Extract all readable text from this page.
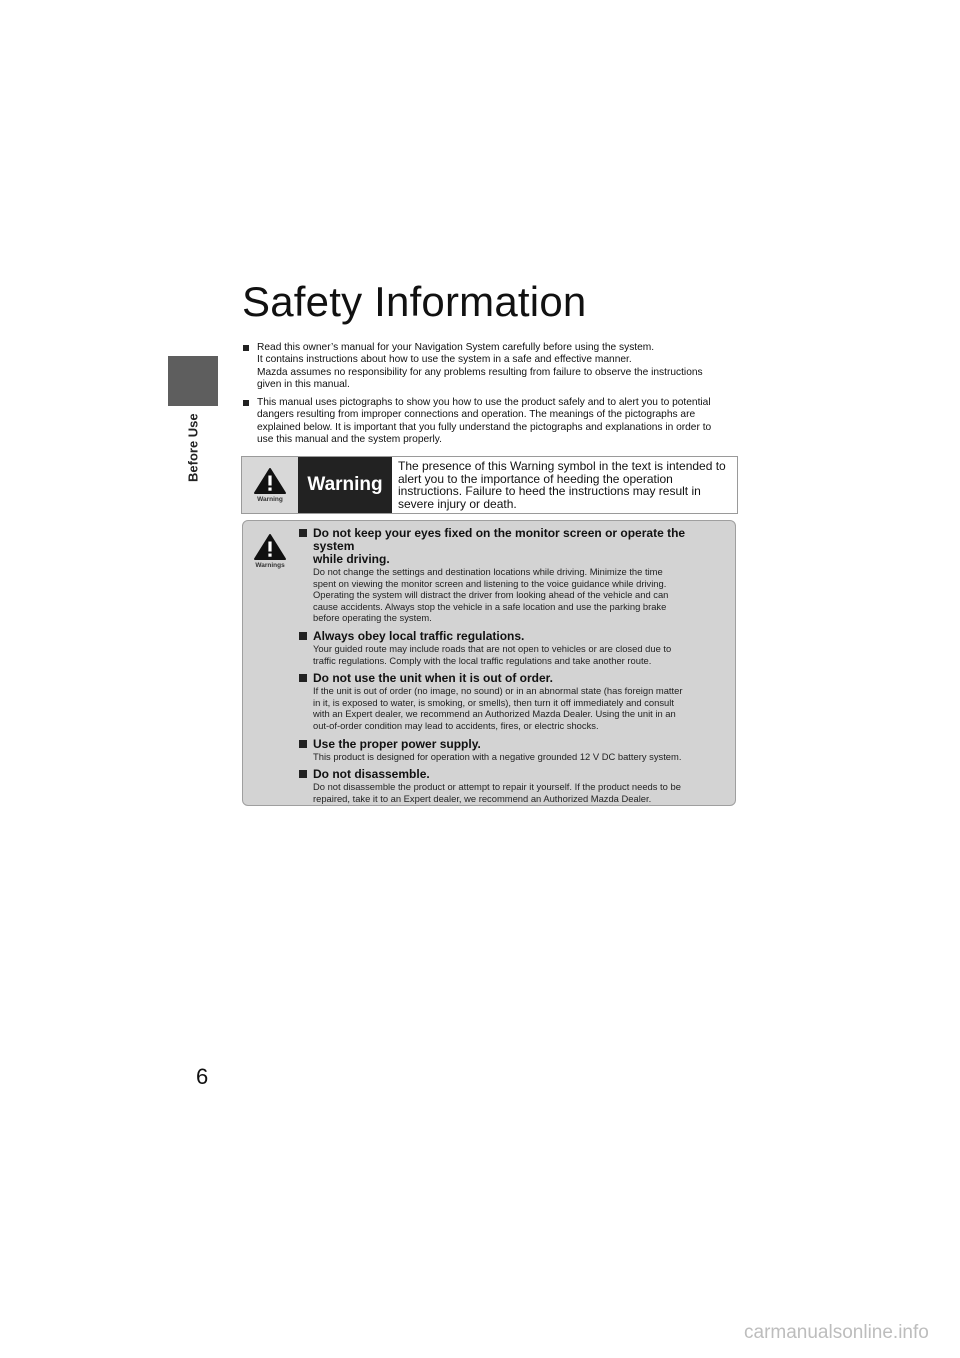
Before Use
6
Safety Information
Read this owner’s manual for your Navigation System carefully before using the system.
It contains instructions about how to use the system in a safe and effective manner.
Mazda assumes no responsibility for any problems resulting from failure to observe the instructions
given in this manual.
This manual uses pictographs to show you how to use the product safely and to alert you to potential
dangers resulting from improper connections and operation. The meanings of the pictographs are
explained below. It is important that you fully understand the pictographs and explanations in order to
use this manual and the system properly.
Warning
Warning
The presence of this Warning symbol in the text is intended to
alert you to the importance of heeding the operation
instructions. Failure to heed the instructions may result in
severe injury or death.
Warnings
Do not keep your eyes fixed on the monitor screen or operate the system
while driving.
Do not change the settings and destination locations while driving. Minimize the time
spent on viewing the monitor screen and listening to the voice guidance while driving.
Operating the system will distract the driver from looking ahead of the vehicle and can
cause accidents. Always stop the vehicle in a safe location and use the parking brake
before operating the system.
Always obey local traffic regulations.
Your guided route may include roads that are not open to vehicles or are closed due to
traffic regulations. Comply with the local traffic regulations and take another route.
Do not use the unit when it is out of order.
If the unit is out of order (no image, no sound) or in an abnormal state (has foreign matter
in it, is exposed to water, is smoking, or smells), then turn it off immediately and consult
with an Expert dealer, we recommend an Authorized Mazda Dealer. Using the unit in an
out-of-order condition may lead to accidents, fires, or electric shocks.
Use the proper power supply.
This product is designed for operation with a negative grounded 12 V DC battery system.
Do not disassemble.
Do not disassemble the product or attempt to repair it yourself. If the product needs to be
repaired, take it to an Expert dealer, we recommend an Authorized Mazda Dealer.
carmanualsonline.info
